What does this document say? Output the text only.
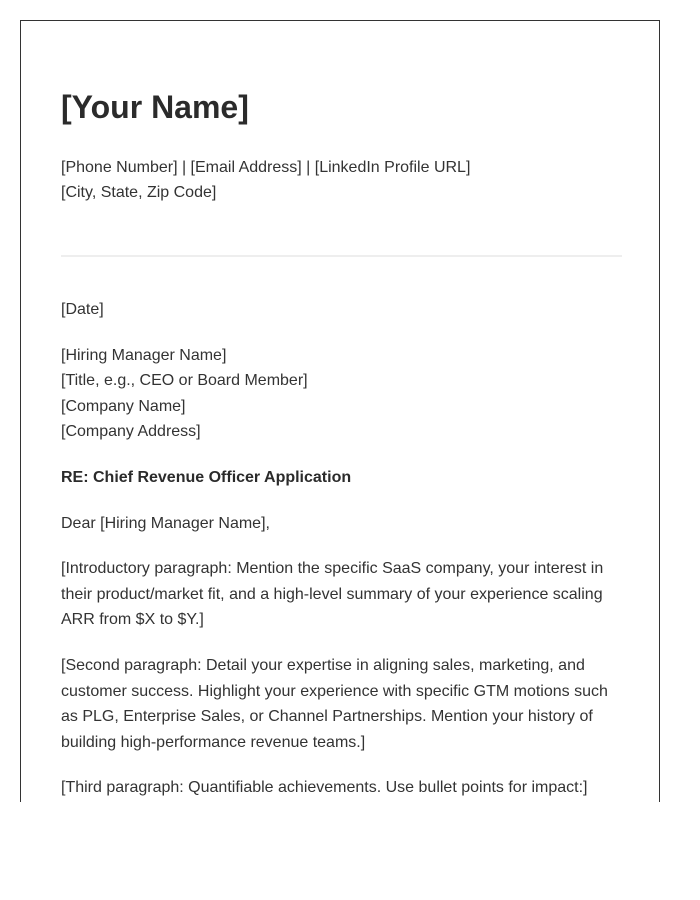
[Your Name]
[Phone Number] | [Email Address] | [LinkedIn Profile URL]
[City, State, Zip Code]

[Date]

[Hiring Manager Name]
[Title, e.g., CEO or Board Member]
[Company Name]
[Company Address]

RE: Chief Revenue Officer Application

Dear [Hiring Manager Name],

[Introductory paragraph: Mention the specific SaaS company, your interest in their product/market fit, and a high-level summary of your experience scaling ARR from $X to $Y.]

[Second paragraph: Detail your expertise in aligning sales, marketing, and customer success. Highlight your experience with specific GTM motions such as PLG, Enterprise Sales, or Channel Partnerships. Mention your history of building high-performance revenue teams.]

[Third paragraph: Quantifiable achievements. Use bullet points for impact:]
